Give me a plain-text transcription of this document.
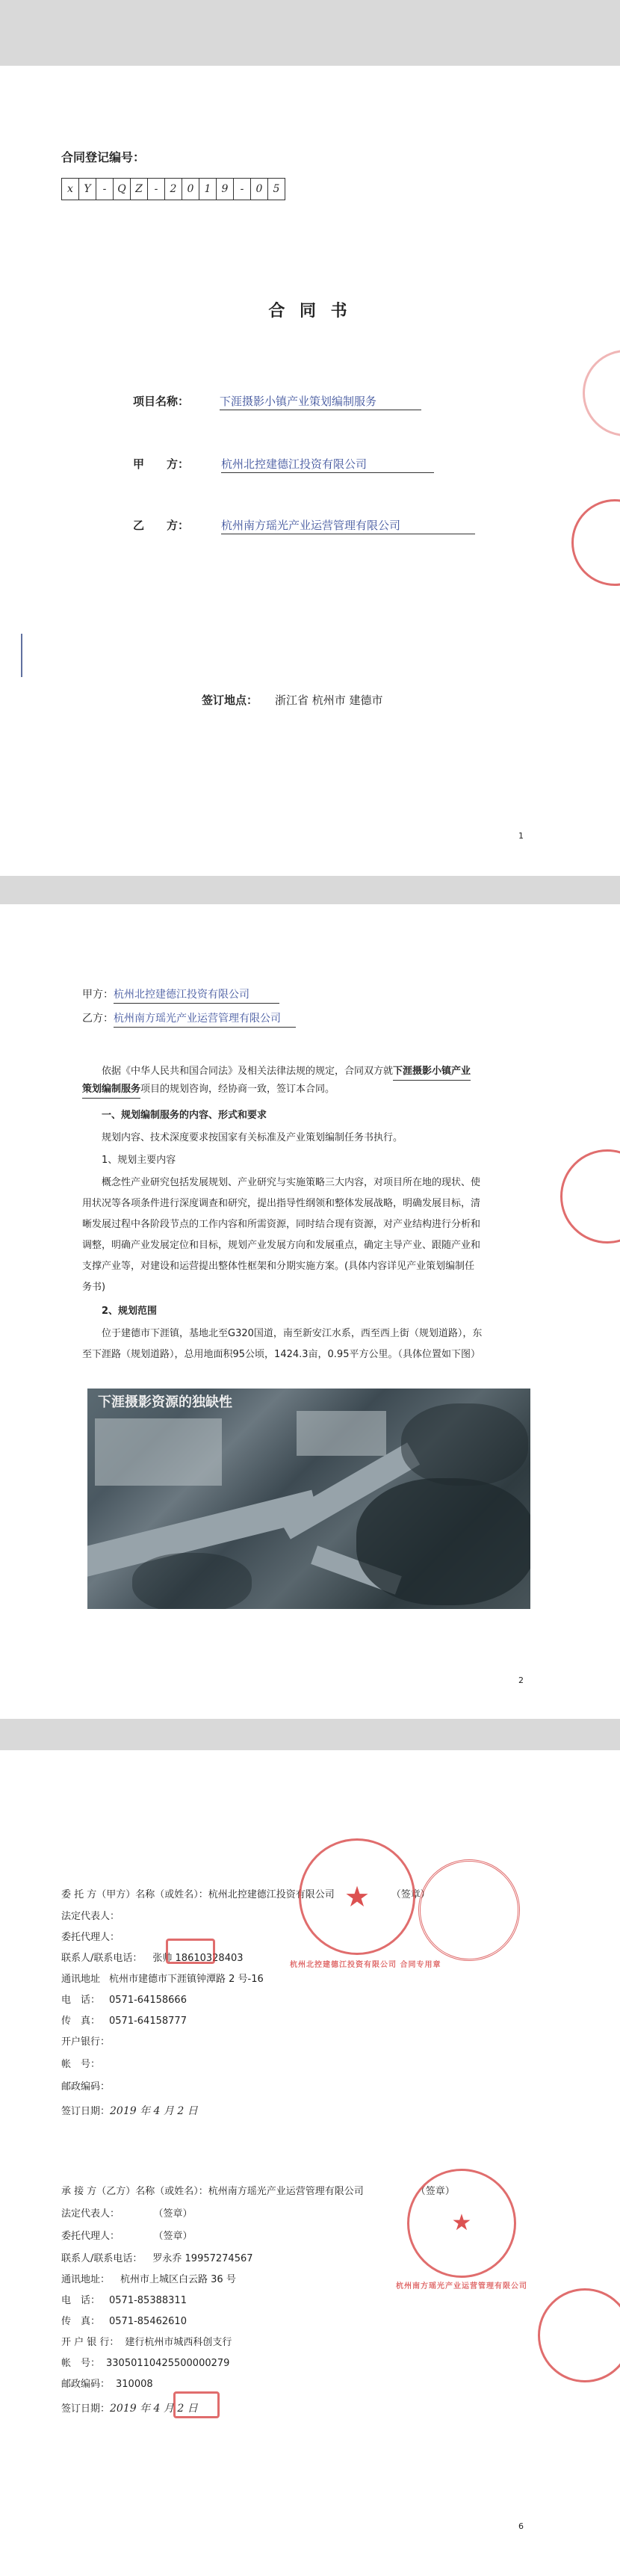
合同登记编号：
x	Y	-	Q Z	-	2	0	1	9	-	0	5
合 同 书
项目名称：	下涯摄影小镇产业策划编制服务
甲　　方：	杭州北控建德江投资有限公司
乙　　方：	杭州南方瑶光产业运营管理有限公司
签订地点： 浙江省 杭州市 建德市
1
甲方：杭州北控建德江投资有限公司
乙方：杭州南方瑶光产业运营管理有限公司
依据《中华人民共和国合同法》及相关法律法规的规定，合同双方就下涯摄影小镇产业
策划编制服务项目的规划咨询，经协商一致，签订本合同。
一、规划编制服务的内容、形式和要求
规划内容、技术深度要求按国家有关标准及产业策划编制任务书执行。
1、规划主要内容
概念性产业研究包括发展规划、产业研究与实施策略三大内容，对项目所在地的现状、使
用状况等各项条件进行深度调查和研究，提出指导性纲领和整体发展战略，明确发展目标，清
晰发展过程中各阶段节点的工作内容和所需资源，同时结合现有资源，对产业结构进行分析和
调整，明确产业发展定位和目标，规划产业发展方向和发展重点，确定主导产业、跟随产业和
支撑产业等，对建设和运营提出整体性框架和分期实施方案。(具体内容详见产业策划编制任
务书)
2、规划范围
位于建德市下涯镇，基地北至G320国道，南至新安江水系，西至西上街（规划道路），东
至下涯路（规划道路），总用地面积95公顷，1424.3亩，0.95平方公里。（具体位置如下图）
2
下涯摄影资源的独缺性
委 托 方（甲方）名称（或姓名）：杭州北控建德江投资有限公司	（签章）
法定代表人：
委托代理人：
联系人/联系电话： 张帅 18610328403
通讯地址 杭州市建德市下涯镇钟潭路 2 号-16
电　话： 0571-64158666
传　真： 0571-64158777
开户银行：
帐　号：
邮政编码：
签订日期：2019 年 4 月 2 日
★
杭州北控建德江投资有限公司 合同专用章
承 接 方（乙方）名称（或姓名）：杭州南方瑶光产业运营管理有限公司	（签章）
法定代表人：	（签章）
委托代理人：	（签章）
联系人/联系电话： 罗永乔 19957274567
通讯地址： 杭州市上城区白云路 36 号
电　话： 0571-85388311
传　真： 0571-85462610
开 户 银 行： 建行杭州市城西科创支行
帐　号： 33050110425500000279
邮政编码： 310008
签订日期：2019 年 4 月 2 日
★
杭州南方瑶光产业运营管理有限公司
6
